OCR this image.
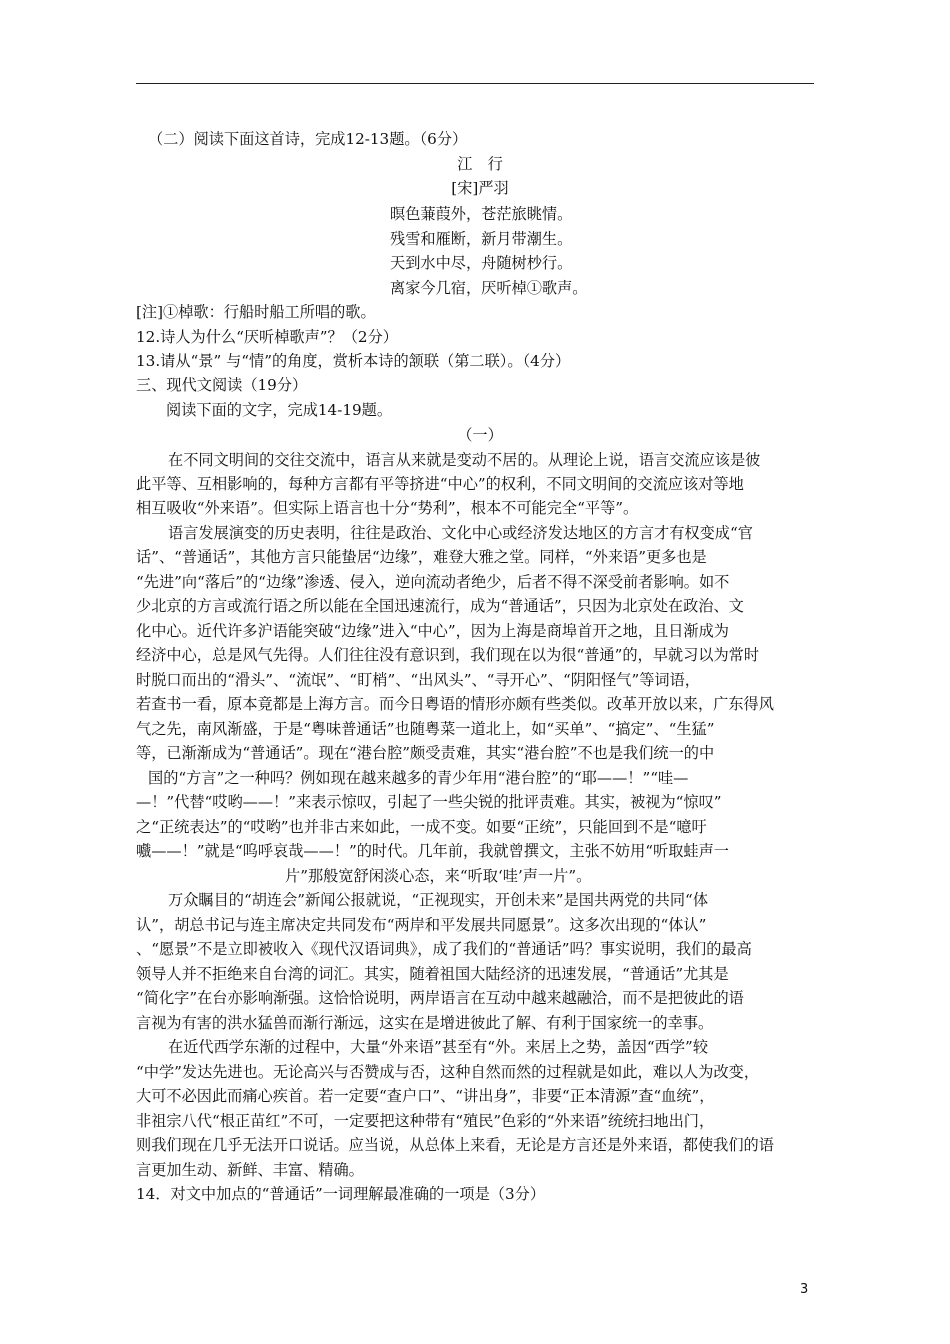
（二）阅读下面这首诗，完成12-13题。（6分）
江　行
[宋]严羽
暝色蒹葭外，苍茫旅眺情。
残雪和雁断，新月带潮生。
天到水中尽，舟随树杪行。
离家今几宿，厌听棹①歌声。
[注]①棹歌：行船时船工所唱的歌。
12.诗人为什么“厌听棹歌声”？（2分）
13.请从“景” 与“情”的角度，赏析本诗的颔联（第二联）。（4分）
三、现代文阅读（19分）
阅读下面的文字，完成14-19题。
（一）
在不同文明间的交往交流中，语言从来就是变动不居的。从理论上说，语言交流应该是彼
此平等、互相影响的，每种方言都有平等挤进“中心”的权利，不同文明间的交流应该对等地
相互吸收“外来语”。但实际上语言也十分“势利”，根本不可能完全“平等”。
语言发展演变的历史表明，往往是政治、文化中心或经济发达地区的方言才有权变成“官
话”、“普通话”，其他方言只能蛰居“边缘”，难登大雅之堂。同样，“外来语”更多也是
“先进”向“落后”的“边缘”渗透、侵入，逆向流动者绝少，后者不得不深受前者影响。如不
少北京的方言或流行语之所以能在全国迅速流行，成为“普通话”，只因为北京处在政治、文
化中心。近代许多沪语能突破“边缘”进入“中心”，因为上海是商埠首开之地，且日渐成为
经济中心，总是风气先得。人们往往没有意识到，我们现在以为很“普通”的，早就习以为常时
时脱口而出的“滑头”、“流氓”、“盯梢”、“出风头”、“寻开心”、“阴阳怪气”等词语，
若查书一看，原本竟都是上海方言。而今日粤语的情形亦颇有些类似。改革开放以来，广东得风
气之先，南风渐盛，于是“粤味普通话”也随粤菜一道北上，如“买单”、“搞定”、“生猛”
等，已渐渐成为“普通话”。现在“港台腔”颇受责难，其实“港台腔”不也是我们统一的中
国的“方言”之一种吗？例如现在越来越多的青少年用“港台腔”的“耶——！”“哇—
—！”代替“哎哟——！”来表示惊叹，引起了一些尖锐的批评责难。其实，被视为“惊叹”
之“正统表达”的“哎哟”也并非古来如此，一成不变。如要“正统”，只能回到不是“噫吁
嚱——！”就是“呜呼哀哉——！”的时代。几年前，我就曾撰文，主张不妨用“听取蛙声一
片”那般宽舒闲淡心态，来“听取‘哇’声一片”。
万众瞩目的“胡连会”新闻公报就说，“正视现实，开创未来”是国共两党的共同“体
认”，胡总书记与连主席决定共同发布“两岸和平发展共同愿景”。这多次出现的“体认”
、“愿景”不是立即被收入《现代汉语词典》，成了我们的“普通话”吗？事实说明，我们的最高
领导人并不拒绝来自台湾的词汇。其实，随着祖国大陆经济的迅速发展，“普通话”尤其是
“简化字”在台亦影响渐强。这恰恰说明，两岸语言在互动中越来越融洽，而不是把彼此的语
言视为有害的洪水猛兽而渐行渐远，这实在是增进彼此了解、有利于国家统一的幸事。
在近代西学东渐的过程中，大量“外来语”甚至有“外。来居上之势，盖因“西学”较
“中学”发达先进也。无论高兴与否赞成与否，这种自然而然的过程就是如此，难以人为改变，
大可不必因此而痛心疾首。若一定要“查户口”、“讲出身”，非要“正本清源”查“血统”，
非祖宗八代“根正苗红”不可，一定要把这种带有“殖民”色彩的“外来语”统统扫地出门，
则我们现在几乎无法开口说话。应当说，从总体上来看，无论是方言还是外来语，都使我们的语
言更加生动、新鲜、丰富、精确。
14．对文中加点的“普通话”一词理解最准确的一项是（3分）
3
